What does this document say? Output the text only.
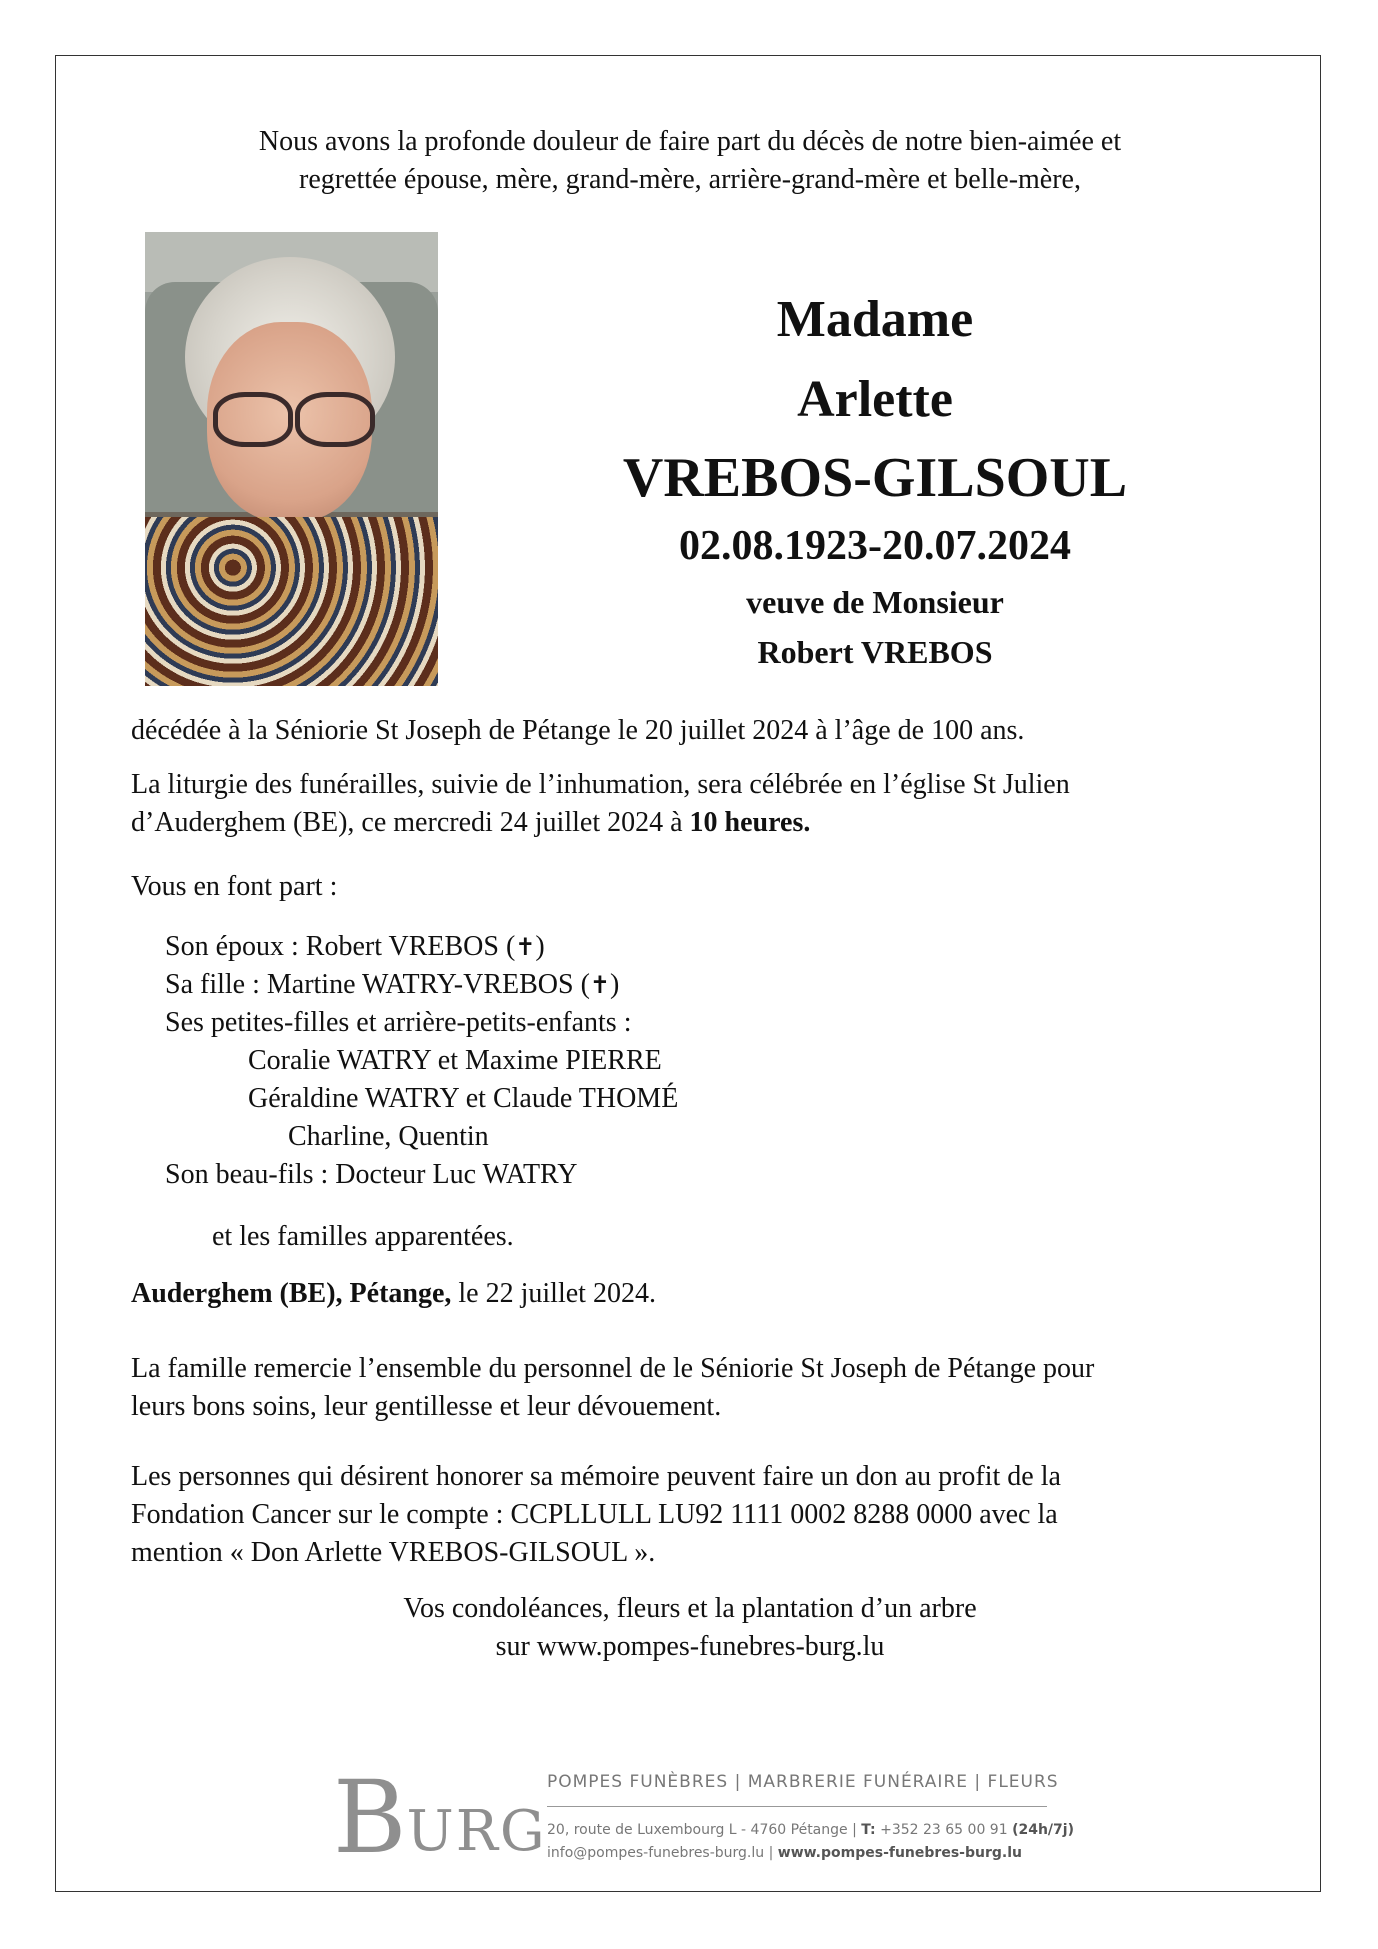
Nous avons la profonde douleur de faire part du décès de notre bien-aimée et
regrettée épouse, mère, grand-mère, arrière-grand-mère et belle-mère,
Madame
Arlette
VREBOS-GILSOUL
02.08.1923-20.07.2024
veuve de Monsieur
Robert VREBOS
décédée à la Séniorie St Joseph de Pétange le 20 juillet 2024 à l’âge de 100 ans.
La liturgie des funérailles, suivie de l’inhumation, sera célébrée en l’église St Julien
d’Auderghem (BE), ce mercredi 24 juillet 2024 à 10 heures.
Vous en font part :
Son époux : Robert VREBOS (✝)
Sa fille : Martine WATRY-VREBOS (✝)
Ses petites-filles et arrière-petits-enfants :
Coralie WATRY et Maxime PIERRE
Géraldine WATRY et Claude THOMÉ
Charline, Quentin
Son beau-fils : Docteur Luc WATRY
et les familles apparentées.
Auderghem (BE), Pétange, le 22 juillet 2024.
La famille remercie l’ensemble du personnel de le Séniorie St Joseph de Pétange pour
leurs bons soins, leur gentillesse et leur dévouement.
Les personnes qui désirent honorer sa mémoire peuvent faire un don au profit de la
Fondation Cancer sur le compte : CCPLLULL LU92 1111 0002 8288 0000 avec la
mention « Don Arlette VREBOS-GILSOUL ».
Vos condoléances, fleurs et la plantation d’un arbre
sur www.pompes-funebres-burg.lu
BURG
POMPES FUNÈBRES | MARBRERIE FUNÉRAIRE | FLEURS
20, route de Luxembourg L - 4760 Pétange | T: +352 23 65 00 91 (24h/7j)
info@pompes-funebres-burg.lu | www.pompes-funebres-burg.lu
